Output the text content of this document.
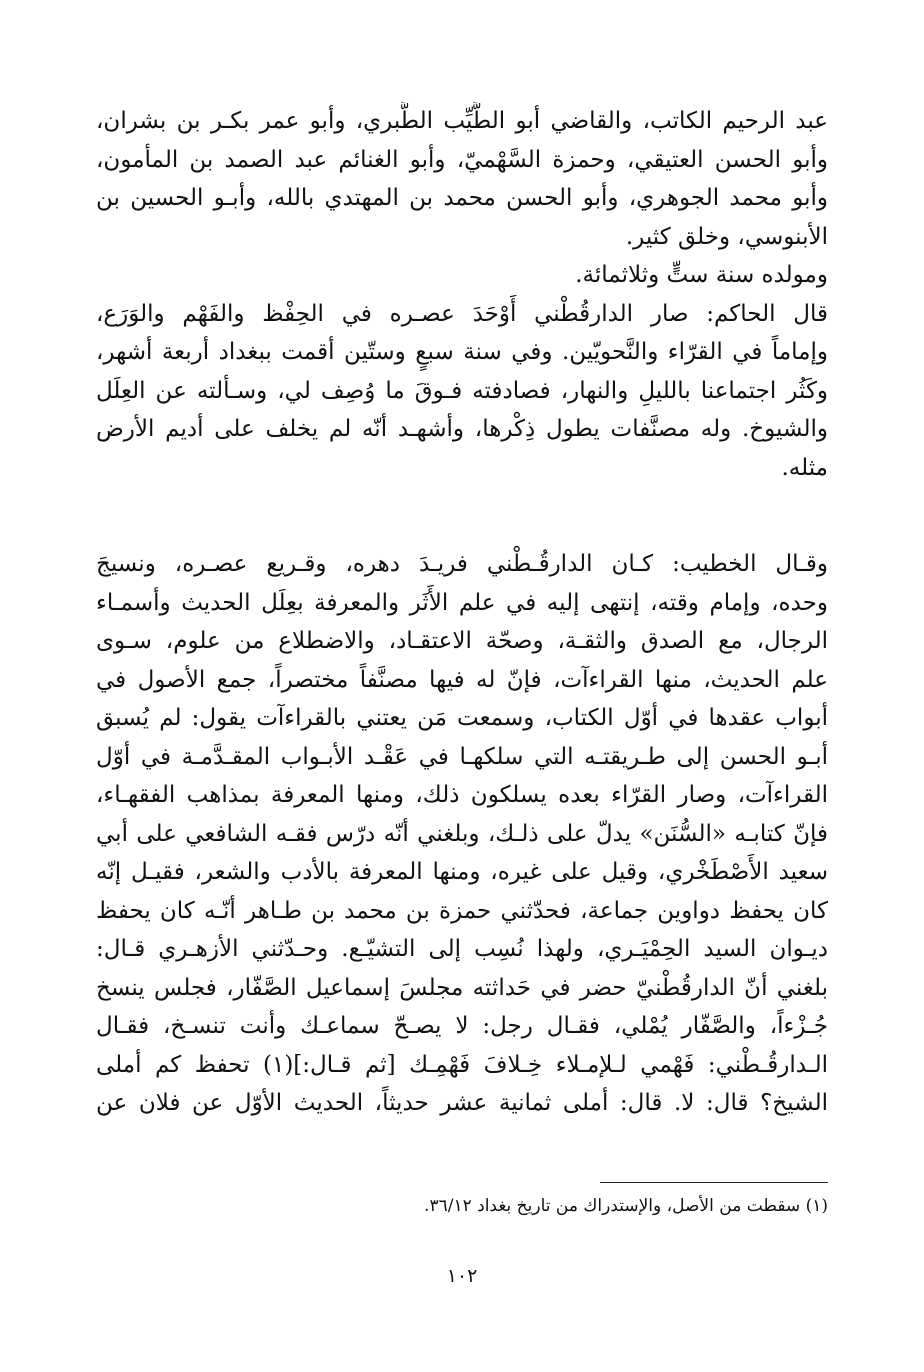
عبد الرحيم الكاتب، والقاضي أبو الطَّيِّب الطَّبري، وأبو عمر بكـر بن بشران،
وأبو الحسن العتيقي، وحمزة السَّهْميّ، وأبو الغنائم عبد الصمد بن المأمون،
وأبو محمد الجوهري، وأبو الحسن محمد بن المهتدي بالله، وأبـو الحسين بن
الأبنوسي، وخلق كثير.
ومولده سنة ستٍّ وثلاثمائة.
قال الحاكم: صار الدارقُطْني أَوْحَدَ عصـره في الحِفْظ والفَهْم والوَرَع،
وإماماً في القرّاء والنَّحويّين. وفي سنة سبعٍ وستّين أقمت ببغداد أربعة أشهر،
وكَثُر اجتماعنا بالليلِ والنهار، فصادفته فـوقَ ما وُصِف لي، وسـألته عن العِلَل
والشيوخ. وله مصنَّفات يطول ذِكْرها، وأشهـد أنّه لم يخلف على أديم الأرض
مثله.
وقـال الخطيب: كـان الدارقُـطْني فريـدَ دهره، وقـريع عصـره، ونسيجَ
وحده، وإمام وقته، إنتهى إليه في علم الأَثَر والمعرفة بعِلَل الحديث وأسمـاء
الرجال، مع الصدق والثقـة، وصحّة الاعتقـاد، والاضطلاع من علوم، سـوى
علم الحديث، منها القراءآت، فإنّ له فيها مصنَّفاً مختصراً، جمع الأصول في
أبواب عقدها في أوّل الكتاب، وسمعت مَن يعتني بالقراءآت يقول: لم يُسبق
أبـو الحسن إلى طـريقتـه التي سلكهـا في عَقْـد الأبـواب المقـدَّمـة في أوّل
القراءآت، وصار القرّاء بعده يسلكون ذلك، ومنها المعرفة بمذاهب الفقهـاء،
فإنّ كتابـه «السُّنَن» يدلّ على ذلـك، وبلغني أنّه درّس فقـه الشافعي على أبي
سعيد الأَصْطَخْري، وقيل على غيره، ومنها المعرفة بالأدب والشعر، فقيـل إنّه
كان يحفظ دواوين جماعة، فحدّثني حمزة بن محمد بن طـاهر أنّـه كان يحفظ
ديـوان السيد الحِمْيَـري، ولهذا نُسِب إلى التشيّـع. وحـدّثني الأزهـري قـال:
بلغني أنّ الدارقُطْنيّ حضر في حَداثته مجلسَ إسماعيل الصَّفّار، فجلس ينسخ
جُـزْءاً، والصَّفّار يُمْلي، فقـال رجل: لا يصـحّ سماعـك وأنت تنسـخ، فقـال
الـدارقُـطْني: فَهْمي لـلإمـلاء خِـلافَ فَهْمِـك [ثم قـال:](١) تحفظ كم أملى
الشيخ؟ قال: لا. قال: أملى ثمانية عشر حديثاً، الحديث الأوّل عن فلان عن
(١) سقطت من الأصل، والإستدراك من تاريخ بغداد ٣٦/١٢.
١٠٢
